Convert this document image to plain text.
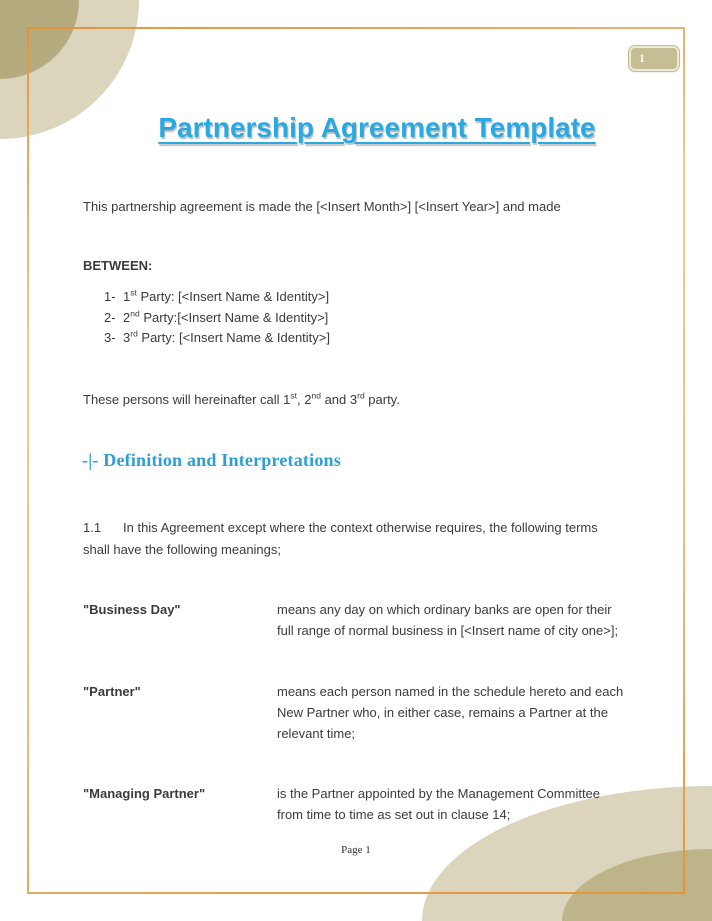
1
Partnership Agreement Template

This partnership agreement is made the [<Insert Month>] [<Insert Year>] and made

BETWEEN:

1- 1st Party: [<Insert Name & Identity>]
2- 2nd Party:[<Insert Name & Identity>]
3- 3rd Party: [<Insert Name & Identity>]

These persons will hereinafter call 1st, 2nd and 3rd party.

-|- Definition and Interpretations
1.1 In this Agreement except where the context otherwise requires, the following terms
shall have the following meanings;
"Business Day"	means any day on which ordinary banks are open for their
full range of normal business in [<Insert name of city one>];
"Partner"	means each person named in the schedule hereto and each
New Partner who, in either case, remains a Partner at the
relevant time;
"Managing Partner"	is the Partner appointed by the Management Committee
from time to time as set out in clause 14;
Page 1
